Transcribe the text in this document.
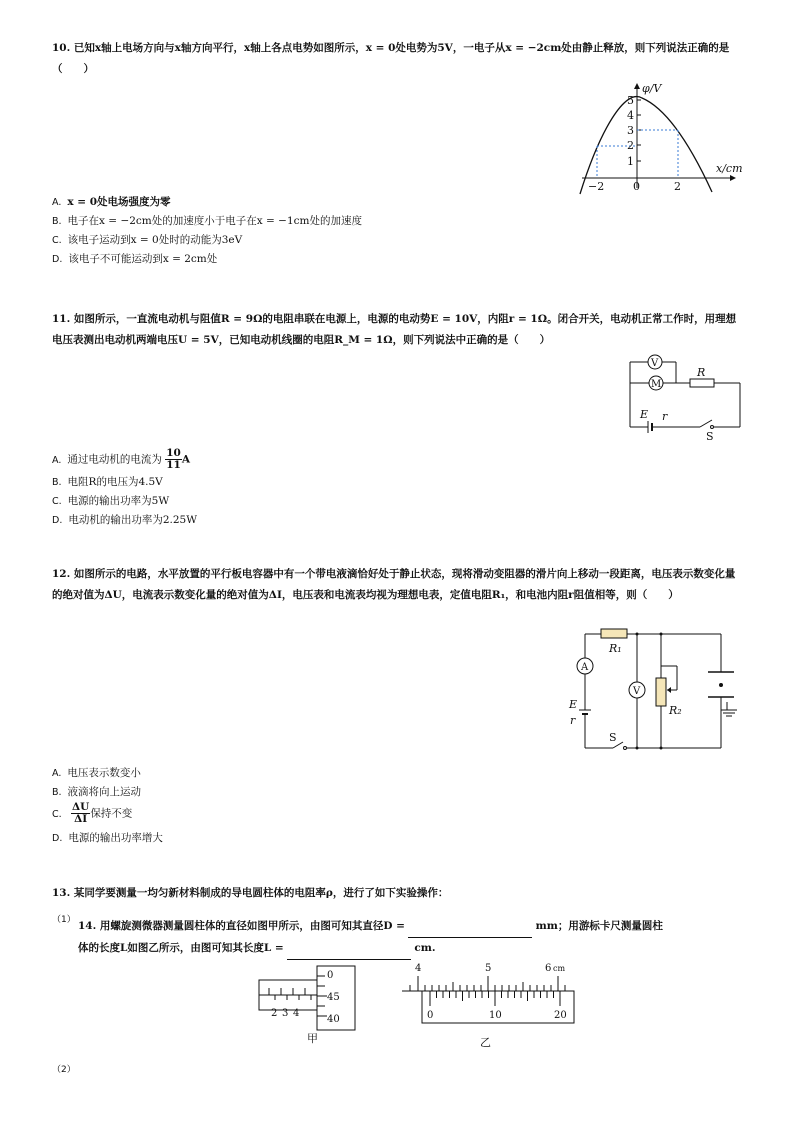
10. 已知x轴上电场方向与x轴方向平行，x轴上各点电势如图所示，x = 0处电势为5V，一电子从x = −2cm处由静止释放，则下列说法正确的是（　　）
φ/V
x/cm
5
4
3
2
1
−2	0	2
A. x = 0处电场强度为零
B. 电子在x = −2cm处的加速度小于电子在x = −1cm处的加速度
C. 该电子运动到x = 0处时的动能为3eV
D. 该电子不可能运动到x = 2cm处
11. 如图所示，一直流电动机与阻值R = 9Ω的电阻串联在电源上，电源的电动势E = 10V，内阻r = 1Ω。闭合开关，电动机正常工作时，用理想电压表测出电动机两端电压U = 5V，已知电动机线圈的电阻R_M = 1Ω，则下列说法中正确的是（　　）
V
M
R
E r
S
A. 通过电动机的电流为 $\frac{10}{11}$ A
B. 电阻R的电压为4.5V
C. 电源的输出功率为5W
D. 电动机的输出功率为2.25W
12. 如图所示的电路，水平放置的平行板电容器中有一个带电液滴恰好处于静止状态，现将滑动变阻器的滑片向上移动一段距离，电压表示数变化量的绝对值为ΔU，电流表示数变化量的绝对值为ΔI，电压表和电流表均视为理想电表，定值电阻R₁，和电池内阻r阻值相等，则（　　）
A
V
R₁
R₂
E
r
S
A. 电压表示数变小
B. 液滴将向上运动
C. $\frac{\Delta U}{\Delta I}$ 保持不变
D. 电源的输出功率增大
13. 某同学要测量一均匀新材料制成的导电圆柱体的电阻率ρ，进行了如下实验操作：
（1） 14. 用螺旋测微器测量圆柱体的直径如图甲所示，由图可知其直径D =	mm；用游标卡尺测量圆柱
体的长度L如图乙所示，由图可知其长度L =	cm.
2 3 4
0
45
40
甲
4	5	6 cm
0	10	20
乙
（2）
